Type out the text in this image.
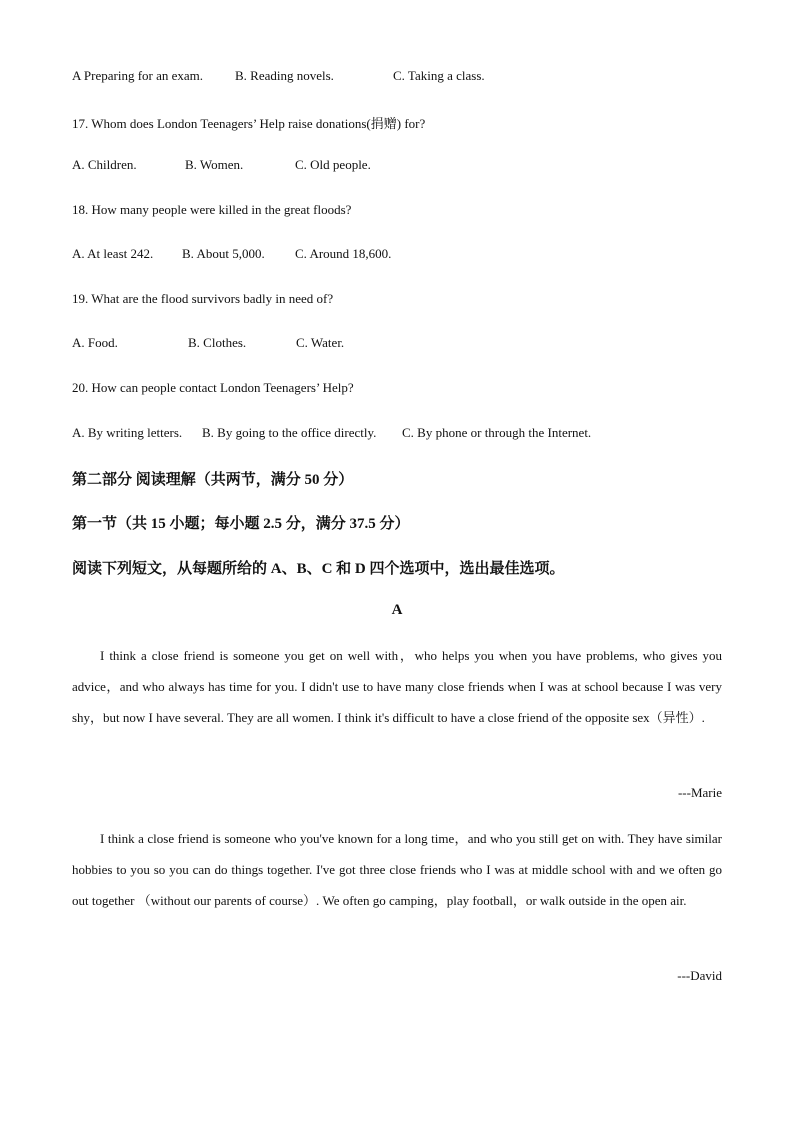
A Preparing for an exam. B. Reading novels.	C. Taking a class.
17. Whom does London Teenagers’ Help raise donations(捐赠) for?
A. Children.	B. Women.	C. Old people.
18. How many people were killed in the great floods?
A. At least 242. B. About 5,000. C. Around 18,600.
19. What are the flood survivors badly in need of?
A. Food.	B. Clothes.	C. Water.
20. How can people contact London Teenagers’ Help?
A. By writing letters. B. By going to the office directly. C. By phone or through the Internet.
第二部分 阅读理解（共两节，满分 50 分）
第一节（共 15 小题；每小题 2.5 分，满分 37.5 分）
阅读下列短文，从每题所给的 A、B、C 和 D 四个选项中，选出最佳选项。
A
I think a close friend is someone you get on well with，who helps you when you have problems, who gives you advice，and who always has time for you. I didn't use to have many close friends when I was at school because I was very shy，but now I have several. They are all women. I think it's difficult to have a close friend of the opposite sex（异性）.
---Marie
I think a close friend is someone who you've known for a long time，and who you still get on with. They have similar hobbies to you so you can do things together. I've got three close friends who I was at middle school with and we often go out together （without our parents of course）. We often go camping，play football，or walk outside in the open air.
---David
